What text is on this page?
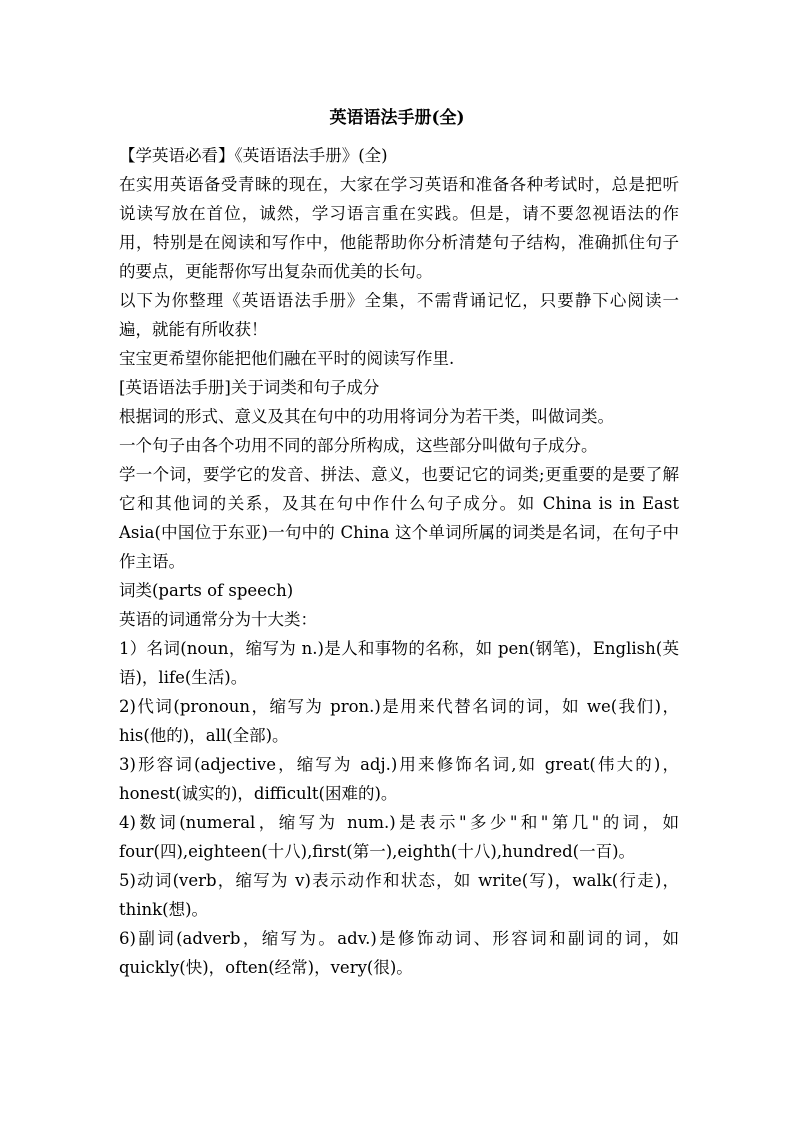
英语语法手册(全)

【学英语必看】《英语语法手册》(全)

在实用英语备受青睐的现在，大家在学习英语和准备各种考试时，总是把听说读写放在首位，诚然，学习语言重在实践。但是，请不要忽视语法的作用，特别是在阅读和写作中，他能帮助你分析清楚句子结构，准确抓住句子的要点，更能帮你写出复杂而优美的长句。

以下为你整理《英语语法手册》全集，不需背诵记忆，只要静下心阅读一遍，就能有所收获！

宝宝更希望你能把他们融在平时的阅读写作里.

[英语语法手册]关于词类和句子成分

根据词的形式、意义及其在句中的功用将词分为若干类，叫做词类。

一个句子由各个功用不同的部分所构成，这些部分叫做句子成分。

学一个词，要学它的发音、拼法、意义，也要记它的词类;更重要的是要了解它和其他词的关系，及其在句中作什么句子成分。如 China is in East Asia(中国位于东亚)一句中的 China 这个单词所属的词类是名词，在句子中作主语。

词类(parts of speech)

英语的词通常分为十大类：

1）名词(noun，缩写为 n.)是人和事物的名称，如 pen(钢笔)，English(英语)，life(生活)。

2)代词(pronoun，缩写为 pron.)是用来代替名词的词，如 we(我们)，his(他的)，all(全部)。

3)形容词(adjective，缩写为 adj.)用来修饰名词,如 great(伟大的)，honest(诚实的)，difficult(困难的)。

4)数词(numeral，缩写为 num.)是表示"多少"和"第几"的词，如 four(四),eighteen(十八),first(第一),eighth(十八),hundred(一百)。

5)动词(verb，缩写为 v)表示动作和状态，如 write(写)，walk(行走)，think(想)。

6)副词(adverb，缩写为。adv.)是修饰动词、形容词和副词的词，如 quickly(快)，often(经常)，very(很)。
